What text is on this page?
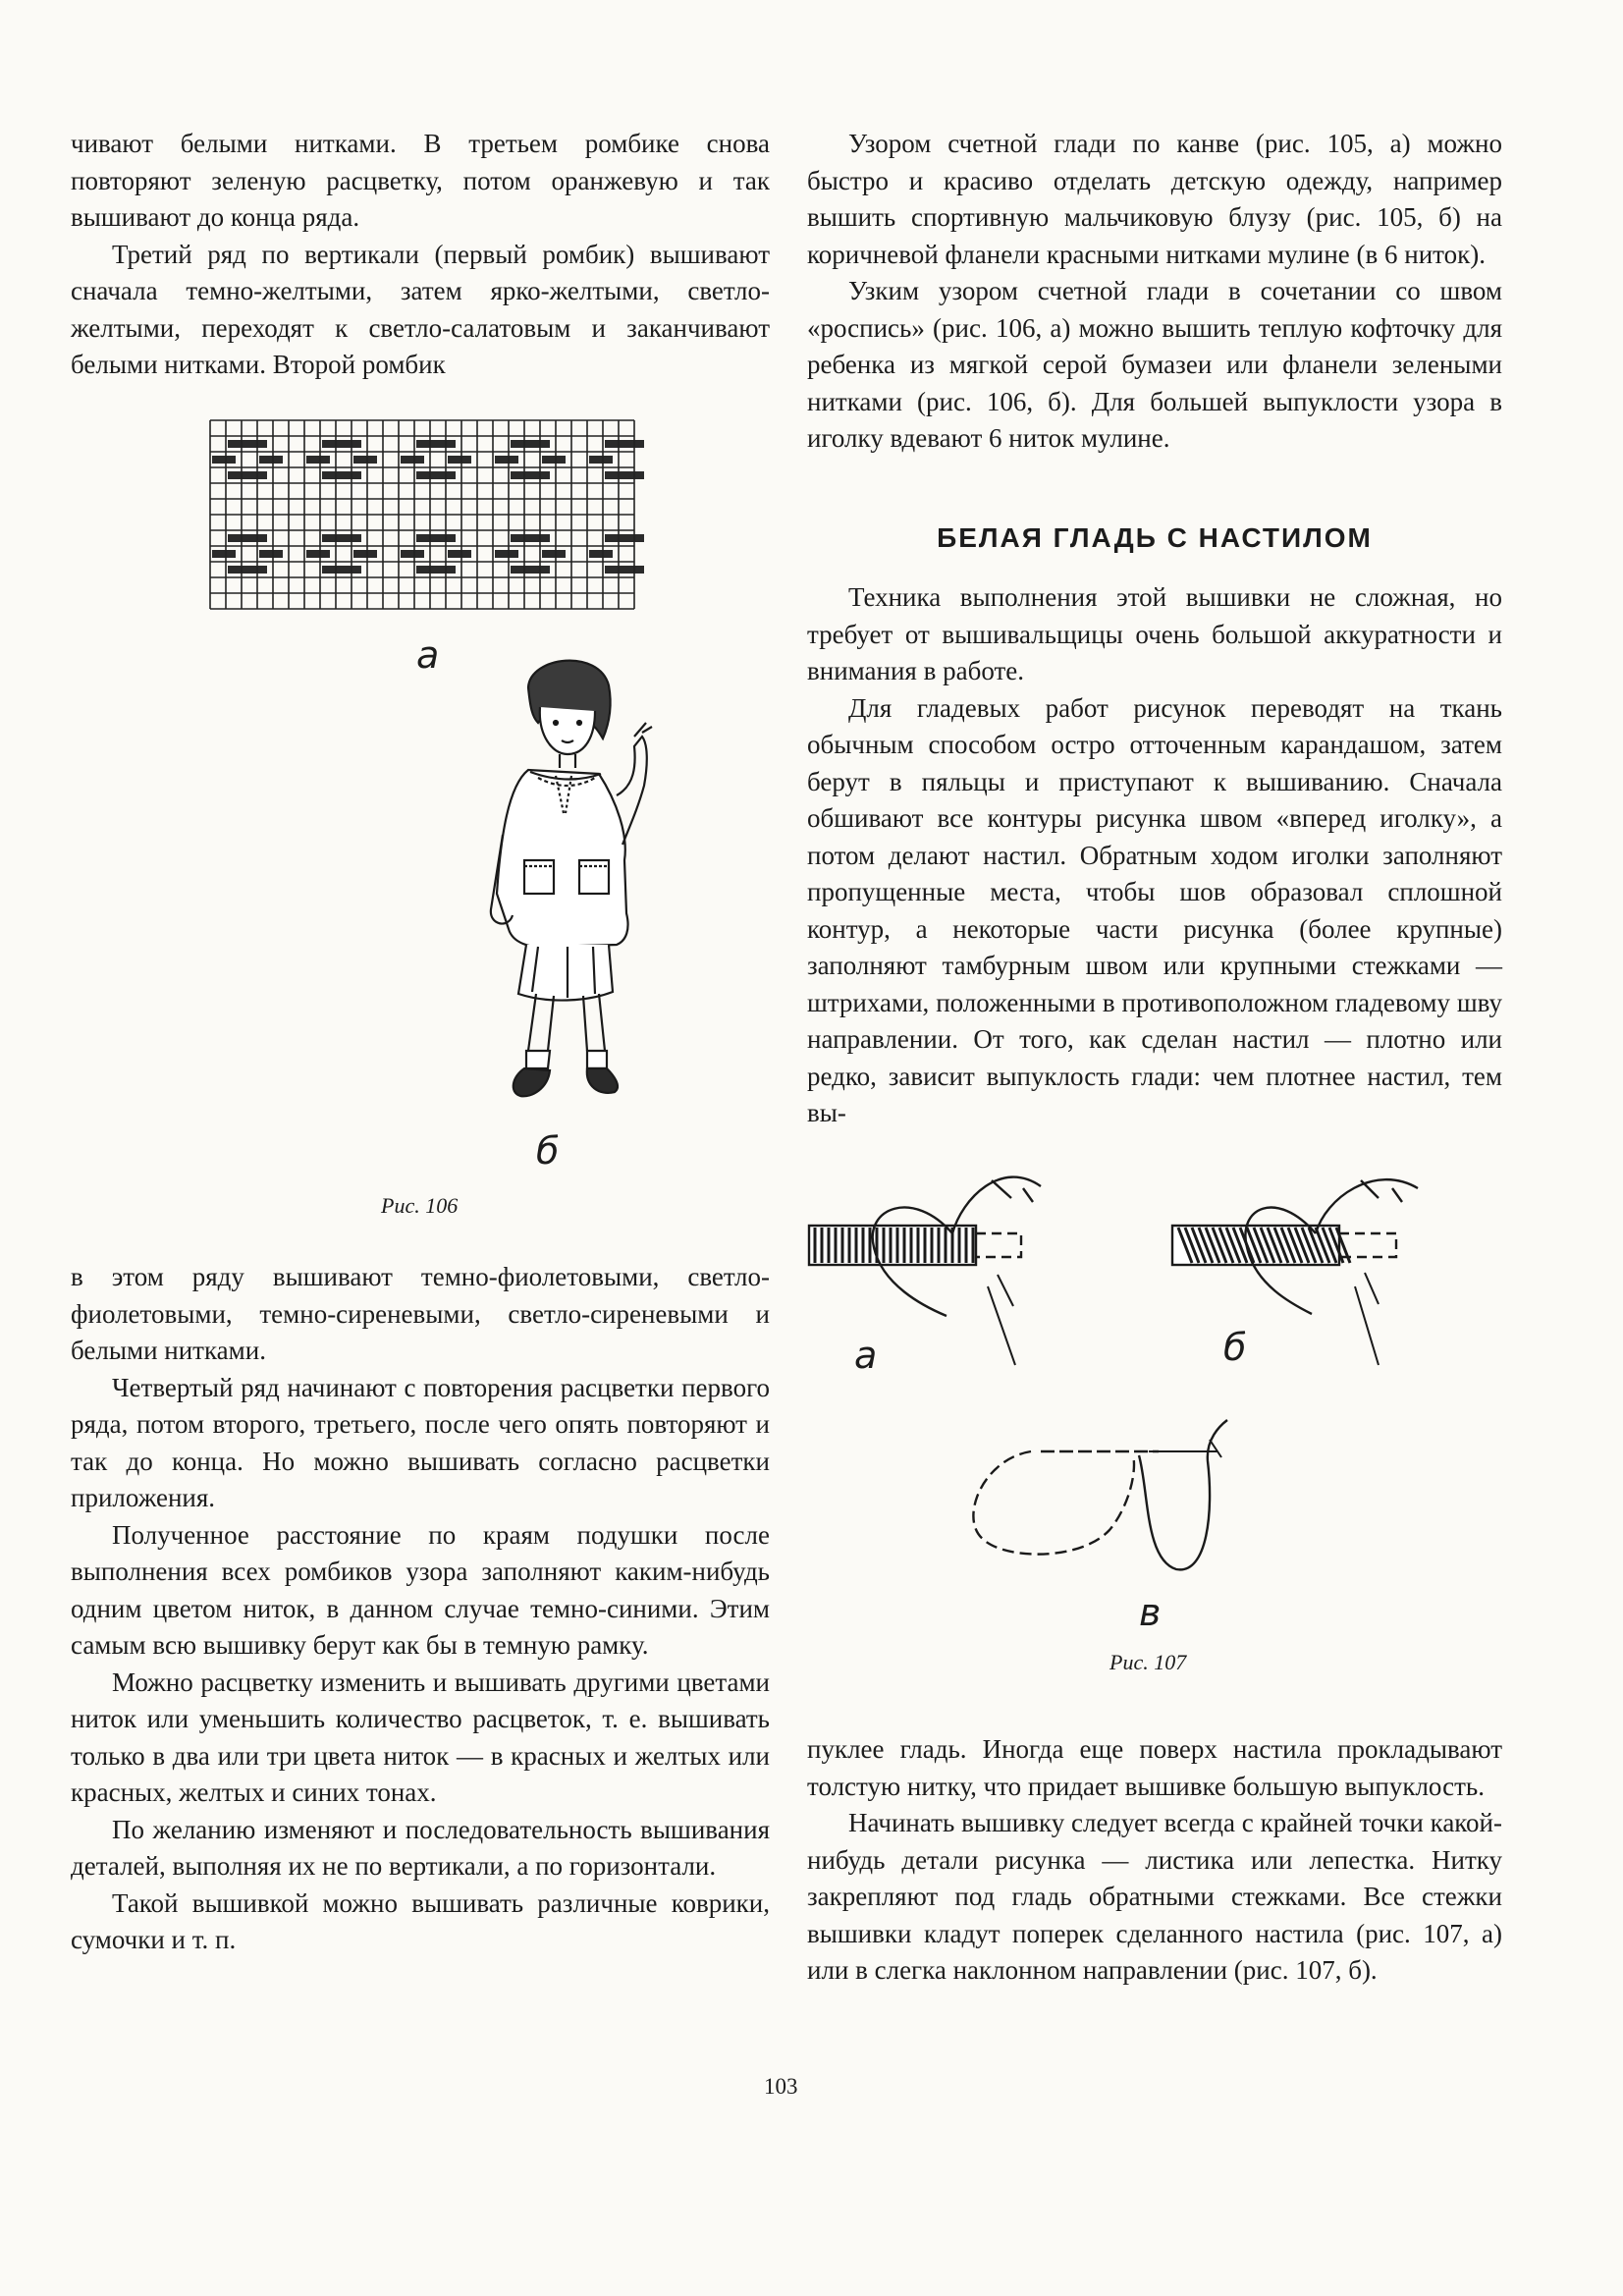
чивают белыми нитками. В третьем ромбике снова повторяют зеленую расцветку, потом оранжевую и так вышивают до конца ряда.

Третий ряд по вертикали (первый ромбик) вышивают сначала темно-желтыми, затем ярко-желтыми, светло-желтыми, переходят к светло-салатовым и заканчивают белыми нитками. Второй ромбик

а
б
Рис. 106

в этом ряду вышивают темно-фиолетовыми, светло-фиолетовыми, темно-сиреневыми, светло-сиреневыми и белыми нитками.

Четвертый ряд начинают с повторения расцветки первого ряда, потом второго, третьего, после чего опять повторяют и так до конца. Но можно вышивать согласно расцветки приложения.

Полученное расстояние по краям подушки после выполнения всех ромбиков узора заполняют каким-нибудь одним цветом ниток, в данном случае темно-синими. Этим самым всю вышивку берут как бы в темную рамку.

Можно расцветку изменить и вышивать другими цветами ниток или уменьшить количество расцветок, т. е. вышивать только в два или три цвета ниток — в красных и желтых или красных, желтых и синих тонах.

По желанию изменяют и последовательность вышивания деталей, выполняя их не по вертикали, а по горизонтали.

Такой вышивкой можно вышивать различные коврики, сумочки и т. п.

Узором счетной глади по канве (рис. 105, а) можно быстро и красиво отделать детскую одежду, например вышить спортивную мальчиковую блузу (рис. 105, б) на коричневой фланели красными нитками мулине (в 6 ниток).

Узким узором счетной глади в сочетании со швом «роспись» (рис. 106, а) можно вышить теплую кофточку для ребенка из мягкой серой бумазеи или фланели зелеными нитками (рис. 106, б). Для большей выпуклости узора в иголку вдевают 6 ниток мулине.

БЕЛАЯ ГЛАДЬ С НАСТИЛОМ

Техника выполнения этой вышивки не сложная, но требует от вышивальщицы очень большой аккуратности и внимания в работе.

Для гладевых работ рисунок переводят на ткань обычным способом остро отточенным карандашом, затем берут в пяльцы и приступают к вышиванию. Сначала обшивают все контуры рисунка швом «вперед иголку», а потом делают настил. Обратным ходом иголки заполняют пропущенные места, чтобы шов образовал сплошной контур, а некоторые части рисунка (более крупные) заполняют тамбурным швом или крупными стежками — штрихами, положенными в противоположном гладевому шву направлении. От того, как сделан настил — плотно или редко, зависит выпуклость глади: чем плотнее настил, тем вы-

а	б
в
Рис. 107

пуклее гладь. Иногда еще поверх настила прокладывают толстую нитку, что придает вышивке большую выпуклость.

Начинать вышивку следует всегда с крайней точки какой-нибудь детали рисунка — листика или лепестка. Нитку закрепляют под гладь обратными стежками. Все стежки вышивки кладут поперек сделанного настила (рис. 107, а) или в слегка наклонном направлении (рис. 107, б).

103
